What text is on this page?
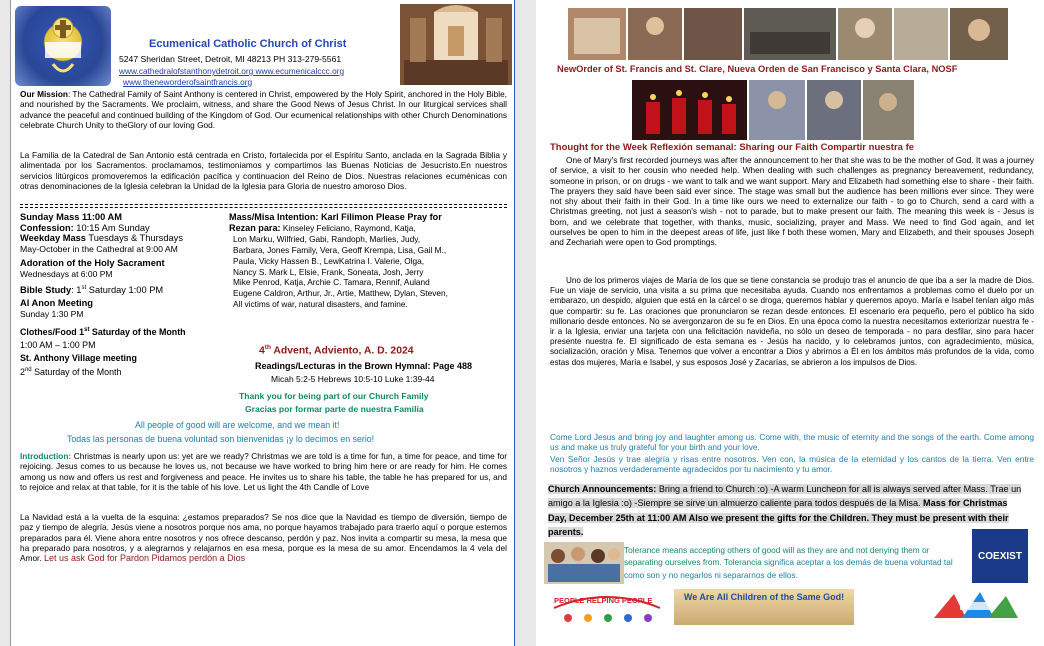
Ecumenical Catholic Church of Christ
5247 Sheridan Street, Detroit, MI 48213 PH 313-279-5561
www.cathedralofstanthonydetroit.org www.ecumenicalccc.org
www.theneworderofsaintfrancis.org
Our Mission: The Cathedral Family of Saint Anthony is centered in Christ, empowered by the Holy Spirit, anchored in the Holy Bible, and nourished by the Sacraments. We proclaim, witness, and share the Good News of Jesus Christ. In our liturgical services shall advance the peaceful and continued building of the Kingdom of God. Our ecumenical relationships with other Church Denominations celebrate Church Unity to theGlory of our loving God.
La Familia de la Catedral de San Antonio está centrada en Cristo, fortalecida por el Espíritu Santo, anclada en la Sagrada Biblia y alimentada por los Sacramentos. proclamamos, testimoniamos y compartimos las Buenas Noticias de Jesucristo.En nuestros servicios litúrgicos promoveremos la edificación pacífica y continuacion del Reino de Dios. Nuestras relaciones ecuménicas con otras denominaciones de la Iglesia celebran la Unidad de la Iglesia para Gloria de nuestro amoroso Dios.
Sunday Mass 11:00 AM
Confession: 10:15 Am Sunday
Weekday Mass Tuesdays & Thursdays
May-October in the Cathedral at 9:00 AM
Adoration of the Holy Sacrament
Wednesdays at 6:00 PM
Bible Study: 1st Saturday 1:00 PM
Al Anon Meeting
Sunday 1:30 PM
Clothes/Food 1st Saturday of the Month
1:00 AM – 1:00 PM
St. Anthony Village meeting
2nd Saturday of the Month
Mass/Misa Intention: Karl Filimon Please Pray for
Rezan para: Kinseley Feliciano, Raymond, Katja,
Lon Marku, Wilfried, Gabi, Randoph, Marlies, Judy,
Barbara, Jones Family, Vera, Geoff Krempa, Lisa, Gail M.,
Paula, Vicky Hassen B., LewKatrina I. Valerie, Olga,
Nancy S. Mark L, Elsie, Frank, Soneata, Josh, Jerry
Mike Penrod, Katja, Archie C. Tamara, Rennif, Auland
Eugene Caldron, Arthur, Jr., Artie, Matthew, Dylan, Steven,
All victims of war, natural disasters, and famine.
4th Advent, Adviento, A. D. 2024
Readings/Lecturas in the Brown Hymnal: Page 488
Micah 5:2-5 Hebrews 10:5-10 Luke 1:39-44
Thank you for being part of our Church Family
Gracias por formar parte de nuestra Familia
All people of good will are welcome, and we mean it!
Todas las personas de buena voluntad son bienvenidas ¡y lo decimos en serio!
Introduction: Christmas is nearly upon us: yet are we ready? Christmas we are told is a time for fun, a time for peace, and time for rejoicing. Jesus comes to us because he loves us, not because we have worked to bring him here or are ready for him. He comes among us now and offers us rest and forgiveness and peace. He invites us to share his table, the table he has prepared for us, and to rejoice and relax at that table, for it is the table of his love. Let us light the 4th Candle of Love
La Navidad está a la vuelta de la esquina: ¿estamos preparados? Se nos dice que la Navidad es tiempo de diversión, tiempo de paz y tiempo de alegría. Jesús viene a nosotros porque nos ama, no porque hayamos trabajado para traerlo aquí o porque estemos preparados para él. Viene ahora entre nosotros y nos ofrece descanso, perdón y paz. Nos invita a compartir su mesa, la mesa que ha preparado para nosotros, y a alegrarnos y relajarnos en esa mesa, porque es la mesa de su amor. Encendamos la 4 vela del Amor. Let us ask God for Pardon Pidamos perdón a Dios
NewOrder of St. Francis and St. Clare, Nueva Orden de San Francisco y Santa Clara, NOSF
Thought for the Week Reflexión semanal: Sharing our Faith Compartir nuestra fe
One of Mary's first recorded journeys was after the announcement to her that she was to be the mother of God. It was a journey of service, a visit to her cousin who needed help. When dealing with such challenges as pregnancy bereavement, redundancy, someone in prison, or on drugs - we want to talk and we want support. Mary and Elizabeth had something else to share - their faith. The prayers they said have been said ever since. The stage was small but the audience has been millions ever since. They were not shy about their faith in their God. In a time like ours we need to externalize our faith - to go to Church, send a card with a Christmas greeting, not just a season's wish - not to parade, but to make present our faith. The meaning this week is - Jesus is born, and we celebrate that together, with thanks, music, socializing, prayer and Mass. We need to find God again, and let ourselves be open to him in the deepest areas of life, just like f both these women, Mary and Elizabeth, and their spouses Joseph and Zechariah were open to God promptings.
Uno de los primeros viajes de María de los que se tiene constancia se produjo tras el anuncio de que iba a ser la madre de Dios. Fue un viaje de servicio, una visita a su prima que necesitaba ayuda. Cuando nos enfrentamos a problemas como el duelo por un embarazo, un despido, alguien que está en la cárcel o se droga, queremos hablar y queremos apoyo. María e Isabel tenían algo más que compartir: su fe. Las oraciones que pronunciaron se rezan desde entonces. El escenario era pequeño, pero el público ha sido millonario desde entonces. No se avergonzaron de su fe en Dios. En una época como la nuestra necesitamos exteriorizar nuestra fe - ir a la Iglesia, enviar una tarjeta con una felicitación navideña, no sólo un deseo de temporada - no para desfilar, sino para hacer presente nuestra fe. El significado de esta semana es - Jesús ha nacido, y lo celebramos juntos, con agradecimiento, música, socialización, oración y Misa. Tenemos que volver a encontrar a Dios y abrirnos a Él en los ámbitos más profundos de la vida, como estas dos mujeres, María e Isabel, y sus esposos José y Zacarías, se abrieron a los impulsos de Dios.
Come Lord Jesus and bring joy and laughter among us. Come with, the music of eternity and the songs of the earth. Come among us and make us truly grateful for your birth and your love.
Ven Señor Jesús y trae alegría y risas entre nosotros. Ven con, la música de la eternidad y los cantos de la tierra. Ven entre nosotros y haznos verdaderamente agradecidos por tu nacimiento y tu amor.
Church Announcements: Bring a friend to Church :o) -A warm Luncheon for all is always served after Mass. Trae un amigo a la Iglesia :o) -Siempre se sirve un almuerzo caliente para todos después de la Misa. Mass for Christmas Day, December 25th at 11:00 AM Also we present the gifts for the Children. They must be present with their parents.
Tolerance means accepting others of good will as they are and not denying them or separating ourselves from. Tolerancia significa aceptar a los demás de buena voluntad tal como son y no negarlos ni separarnos de ellos.
COEXIST
PEOPLE HELPING PEOPLE	We Are All Children of the Same God!
